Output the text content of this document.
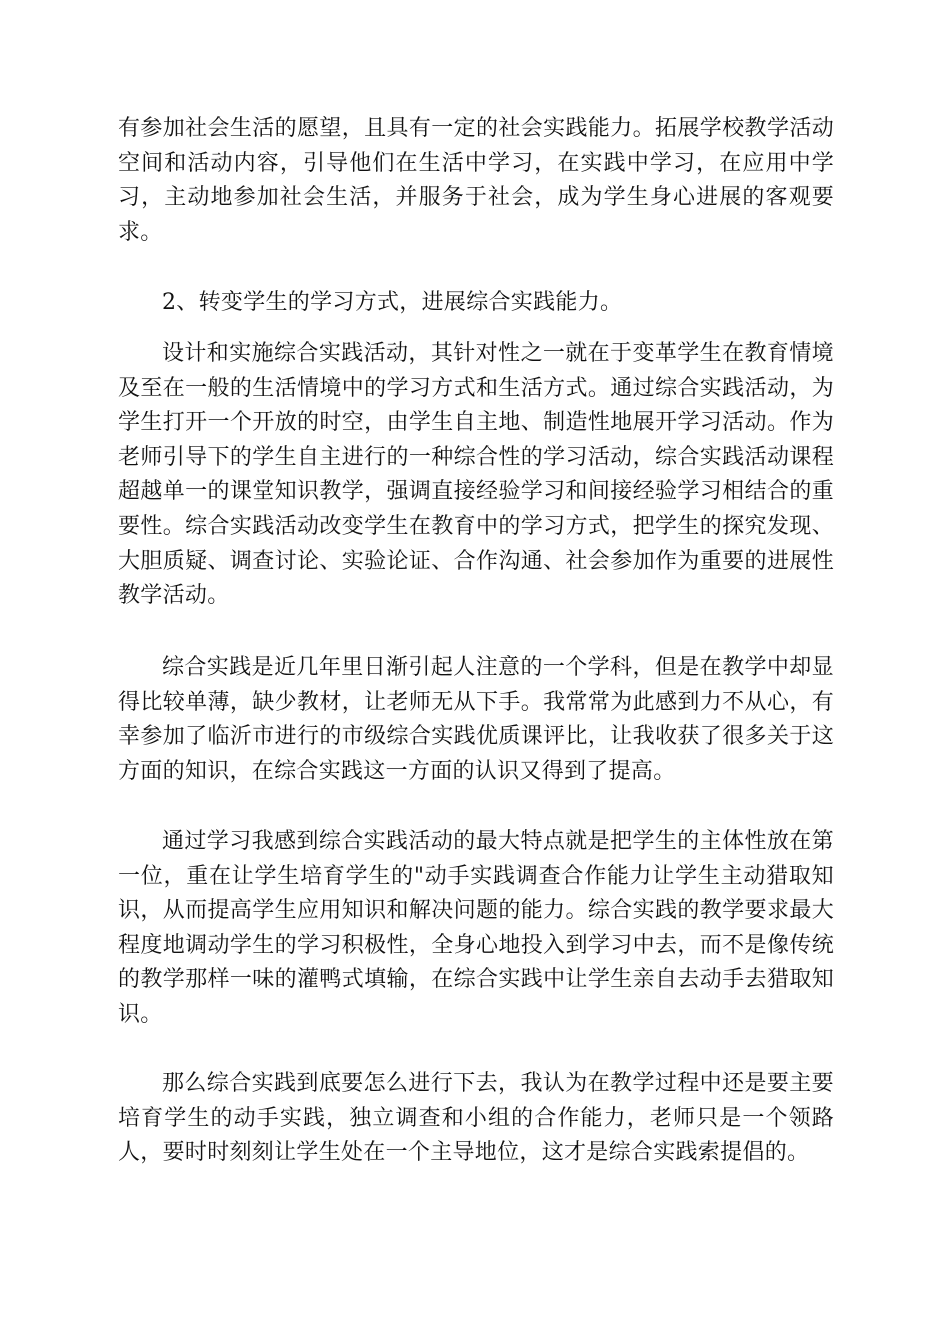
有参加社会生活的愿望，且具有一定的社会实践能力。拓展学校教学活动空间和活动内容，引导他们在生活中学习，在实践中学习，在应用中学习，主动地参加社会生活，并服务于社会，成为学生身心进展的客观要求。

2、转变学生的学习方式，进展综合实践能力。

设计和实施综合实践活动，其针对性之一就在于变革学生在教育情境及至在一般的生活情境中的学习方式和生活方式。通过综合实践活动，为学生打开一个开放的时空，由学生自主地、制造性地展开学习活动。作为老师引导下的学生自主进行的一种综合性的学习活动，综合实践活动课程超越单一的课堂知识教学，强调直接经验学习和间接经验学习相结合的重要性。综合实践活动改变学生在教育中的学习方式，把学生的探究发现、大胆质疑、调查讨论、实验论证、合作沟通、社会参加作为重要的进展性教学活动。

综合实践是近几年里日渐引起人注意的一个学科，但是在教学中却显得比较单薄，缺少教材，让老师无从下手。我常常为此感到力不从心，有幸参加了临沂市进行的市级综合实践优质课评比，让我收获了很多关于这方面的知识，在综合实践这一方面的认识又得到了提高。

通过学习我感到综合实践活动的最大特点就是把学生的主体性放在第一位，重在让学生培育学生的"动手实践调查合作能力让学生主动猎取知识，从而提高学生应用知识和解决问题的能力。综合实践的教学要求最大程度地调动学生的学习积极性，全身心地投入到学习中去，而不是像传统的教学那样一味的灌鸭式填输，在综合实践中让学生亲自去动手去猎取知识。

那么综合实践到底要怎么进行下去，我认为在教学过程中还是要主要培育学生的动手实践，独立调查和小组的合作能力，老师只是一个领路人，要时时刻刻让学生处在一个主导地位，这才是综合实践索提倡的。
